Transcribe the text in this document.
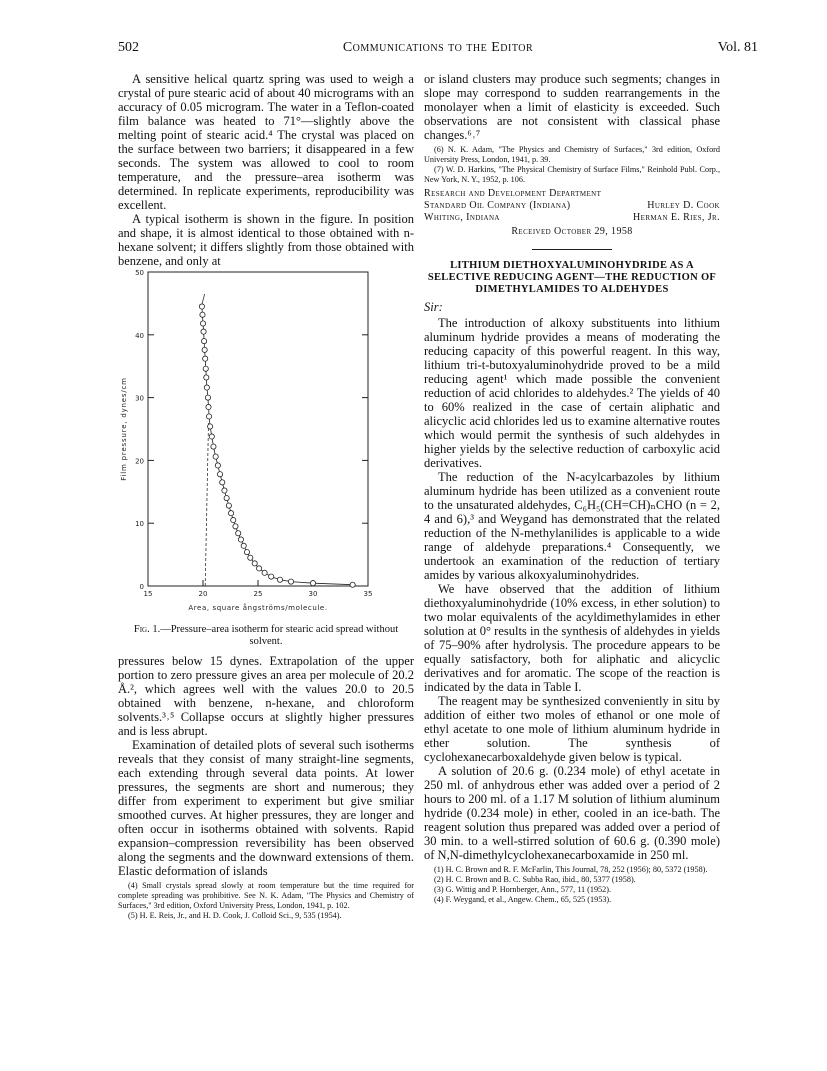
502	Communications to the Editor	Vol. 81

A sensitive helical quartz spring was used to weigh a crystal of pure stearic acid of about 40 micrograms with an accuracy of 0.05 microgram. The water in a Teflon-coated film balance was heated to 71°—slightly above the melting point of stearic acid.⁴ The crystal was placed on the surface between two barriers; it disappeared in a few seconds. The system was allowed to cool to room temperature, and the pressure–area isotherm was determined. In replicate experiments, reproducibility was excellent.

A typical isotherm is shown in the figure. In position and shape, it is almost identical to those obtained with n-hexane solvent; it differs slightly from those obtained with benzene, and only at

0
10
20
30
40
50
15	20	25	30	35
Area, square ångströms/molecule.
Film pressure, dynes/cm
Fig. 1.—Pressure–area isotherm for stearic acid spread without solvent.

pressures below 15 dynes. Extrapolation of the upper portion to zero pressure gives an area per molecule of 20.2 Å.², which agrees well with the values 20.0 to 20.5 obtained with benzene, n-hexane, and chloroform solvents.³˒⁵ Collapse occurs at slightly higher pressures and is less abrupt.

Examination of detailed plots of several such isotherms reveals that they consist of many straight-line segments, each extending through several data points. At lower pressures, the segments are short and numerous; they differ from experiment to experiment but give smiliar smoothed curves. At higher pressures, they are longer and often occur in isotherms obtained with solvents. Rapid expansion–compression reversibility has been observed along the segments and the downward extensions of them. Elastic deformation of islands

(4) Small crystals spread slowly at room temperature but the time required for complete spreading was prohibitive. See N. K. Adam, "The Physics and Chemistry of Surfaces," 3rd edition, Oxford University Press, London, 1941, p. 102.

(5) H. E. Reis, Jr., and H. D. Cook, J. Colloid Sci., 9, 535 (1954).

or island clusters may produce such segments; changes in slope may correspond to sudden rearrangements in the monolayer when a limit of elasticity is exceeded. Such observations are not consistent with classical phase changes.⁶˒⁷

(6) N. K. Adam, "The Physics and Chemistry of Surfaces," 3rd edition, Oxford University Press, London, 1941, p. 39.

(7) W. D. Harkins, "The Physical Chemistry of Surface Films," Reinhold Publ. Corp., New York, N. Y., 1952, p. 106.

Research and Development Department
Standard Oil Company (Indiana)	Hurley D. Cook
Whiting, Indiana	Herman E. Ries, Jr.
Received October 29, 1958
LITHIUM DIETHOXYALUMINOHYDRIDE AS A SELECTIVE REDUCING AGENT—THE REDUCTION OF DIMETHYLAMIDES TO ALDEHYDES
Sir:

The introduction of alkoxy substituents into lithium aluminum hydride provides a means of moderating the reducing capacity of this powerful reagent. In this way, lithium tri-t-butoxyaluminohydride proved to be a mild reducing agent¹ which made possible the convenient reduction of acid chlorides to aldehydes.² The yields of 40 to 60% realized in the case of certain aliphatic and alicyclic acid chlorides led us to examine alternative routes which would permit the synthesis of such aldehydes in higher yields by the selective reduction of carboxylic acid derivatives.

The reduction of the N-acylcarbazoles by lithium aluminum hydride has been utilized as a convenient route to the unsaturated aldehydes, C₆H₅(CH=CH)ₙCHO (n = 2, 4 and 6),³ and Weygand has demonstrated that the related reduction of the N-methylanilides is applicable to a wide range of aldehyde preparations.⁴ Consequently, we undertook an examination of the reduction of tertiary amides by various alkoxyaluminohydrides.

We have observed that the addition of lithium diethoxyaluminohydride (10% excess, in ether solution) to two molar equivalents of the acyldimethylamides in ether solution at 0° results in the synthesis of aldehydes in yields of 75–90% after hydrolysis. The procedure appears to be equally satisfactory, both for aliphatic and alicyclic derivatives and for aromatic. The scope of the reaction is indicated by the data in Table I.

The reagent may be synthesized conveniently in situ by addition of either two moles of ethanol or one mole of ethyl acetate to one mole of lithium aluminum hydride in ether solution. The synthesis of cyclohexanecarboxaldehyde given below is typical.

A solution of 20.6 g. (0.234 mole) of ethyl acetate in 250 ml. of anhydrous ether was added over a period of 2 hours to 200 ml. of a 1.17 M solution of lithium aluminum hydride (0.234 mole) in ether, cooled in an ice-bath. The reagent solution thus prepared was added over a period of 30 min. to a well-stirred solution of 60.6 g. (0.390 mole) of N,N-dimethylcyclohexanecarboxamide in 250 ml.

(1) H. C. Brown and R. F. McFarlin, This Journal, 78, 252 (1956); 80, 5372 (1958).

(2) H. C. Brown and B. C. Subba Rao, ibid., 80, 5377 (1958).

(3) G. Wittig and P. Hornberger, Ann., 577, 11 (1952).

(4) F. Weygand, et al., Angew. Chem., 65, 525 (1953).
